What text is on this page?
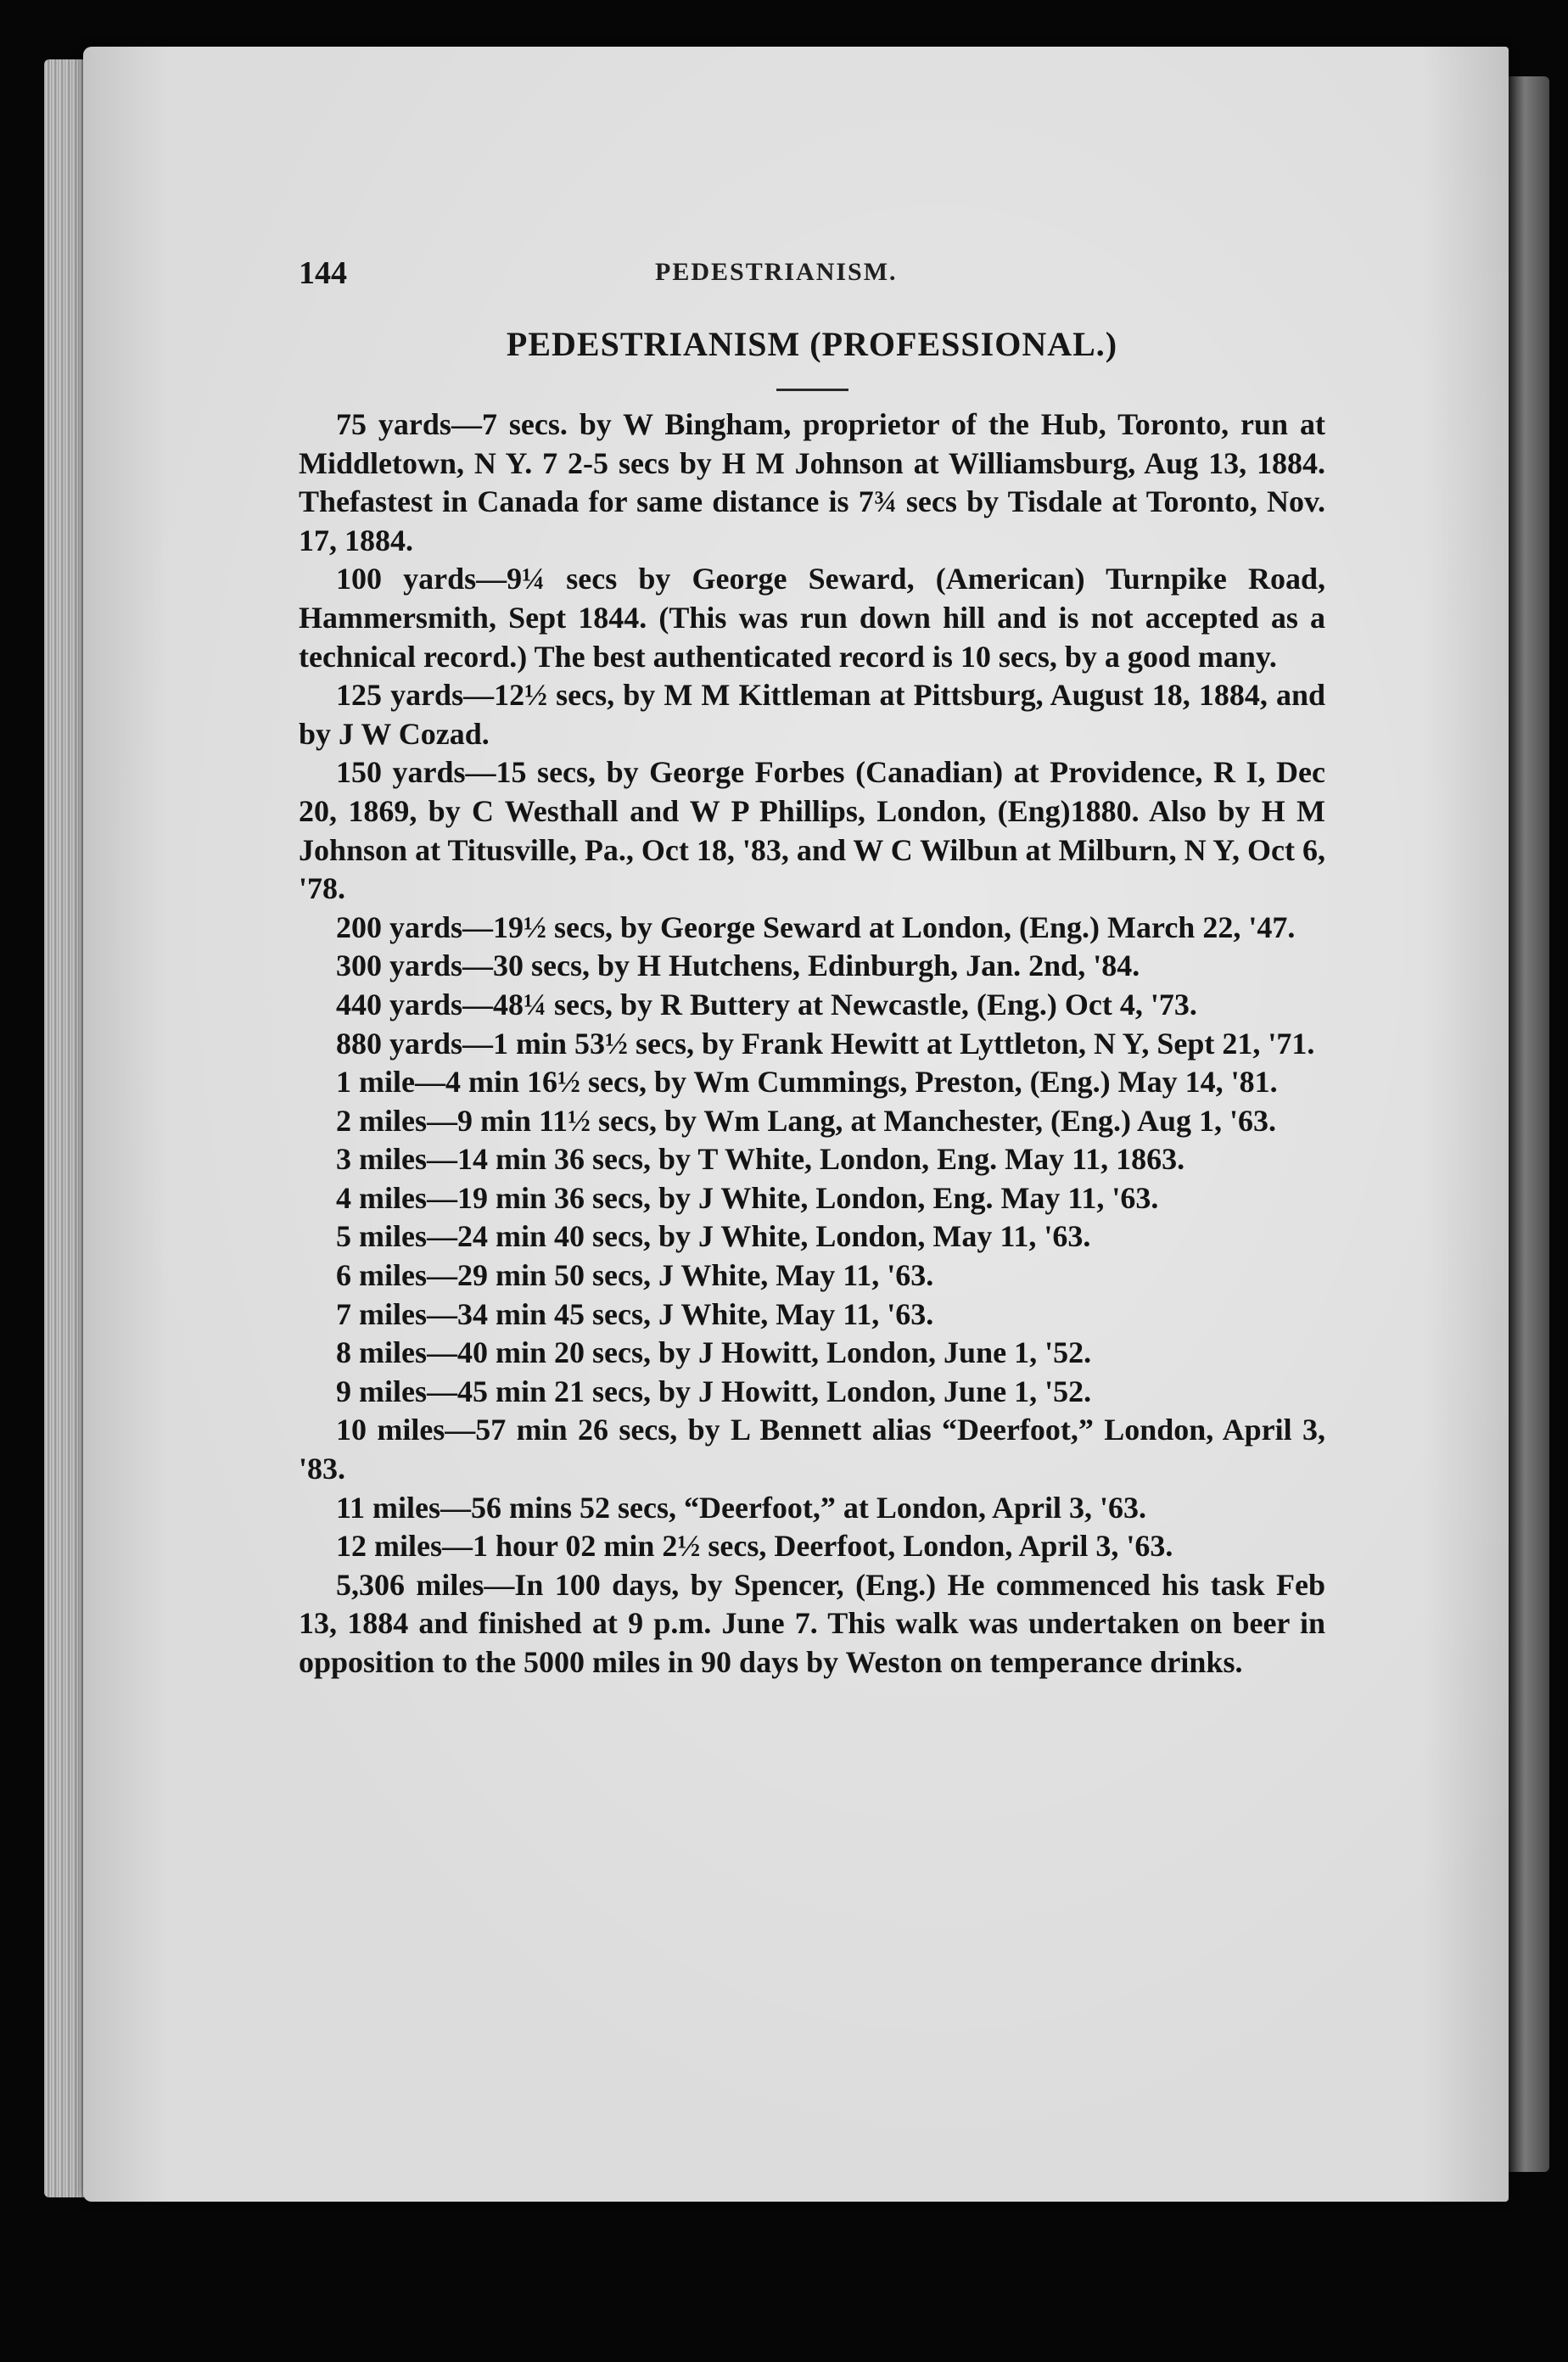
144	PEDESTRIANISM.
PEDESTRIANISM (PROFESSIONAL.)

75 yards—7 secs. by W Bingham, proprietor of the Hub, Toronto, run at Middletown, N Y. 7 2-5 secs by H M Johnson at Williamsburg, Aug 13, 1884. Thefastest in Canada for same distance is 7¾ secs by Tisdale at Toronto, Nov. 17, 1884.

100 yards—9¼ secs by George Seward, (American) Turnpike Road, Hammersmith, Sept 1844. (This was run down hill and is not accepted as a technical record.) The best authenticated record is 10 secs, by a good many.

125 yards—12½ secs, by M M Kittleman at Pittsburg, August 18, 1884, and by J W Cozad.

150 yards—15 secs, by George Forbes (Canadian) at Providence, R I, Dec 20, 1869, by C Westhall and W P Phillips, London, (Eng)1880. Also by H M Johnson at Titusville, Pa., Oct 18, '83, and W C Wilbun at Milburn, N Y, Oct 6, '78.

200 yards—19½ secs, by George Seward at London, (Eng.) March 22, '47.

300 yards—30 secs, by H Hutchens, Edinburgh, Jan. 2nd, '84.

440 yards—48¼ secs, by R Buttery at Newcastle, (Eng.) Oct 4, '73.

880 yards—1 min 53½ secs, by Frank Hewitt at Lyttleton, N Y, Sept 21, '71.

1 mile—4 min 16½ secs, by Wm Cummings, Preston, (Eng.) May 14, '81.

2 miles—9 min 11½ secs, by Wm Lang, at Manchester, (Eng.) Aug 1, '63.

3 miles—14 min 36 secs, by T White, London, Eng. May 11, 1863.

4 miles—19 min 36 secs, by J White, London, Eng. May 11, '63.

5 miles—24 min 40 secs, by J White, London, May 11, '63.

6 miles—29 min 50 secs, J White, May 11, '63.

7 miles—34 min 45 secs, J White, May 11, '63.

8 miles—40 min 20 secs, by J Howitt, London, June 1, '52.

9 miles—45 min 21 secs, by J Howitt, London, June 1, '52.

10 miles—57 min 26 secs, by L Bennett alias “Deerfoot,” London, April 3, '83.

11 miles—56 mins 52 secs, “Deerfoot,” at London, April 3, '63.

12 miles—1 hour 02 min 2½ secs, Deerfoot, London, April 3, '63.

5,306 miles—In 100 days, by Spencer, (Eng.) He commenced his task Feb 13, 1884 and finished at 9 p.m. June 7. This walk was undertaken on beer in opposition to the 5000 miles in 90 days by Weston on temperance drinks.
